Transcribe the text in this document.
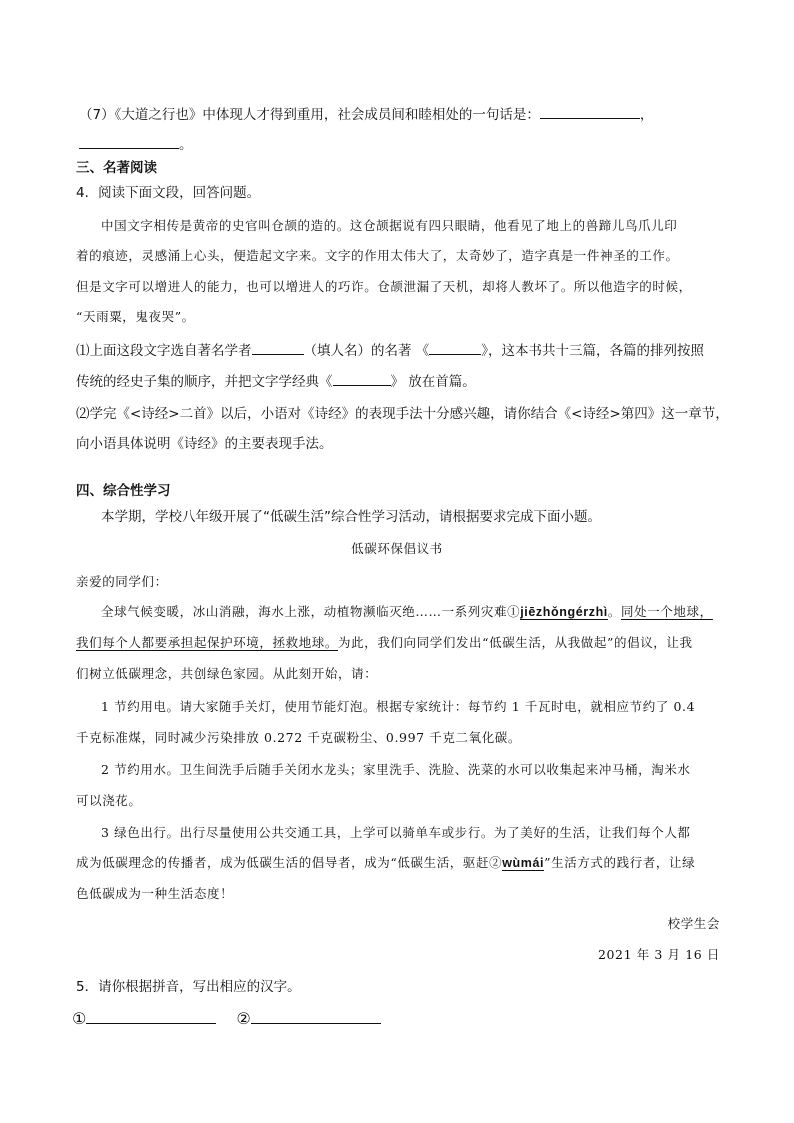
（7）《大道之行也》中体现人才得到重用，社会成员间和睦相处的一句话是：	，
。
三、名著阅读
4．阅读下面文段，回答问题。
中国文字相传是黄帝的史官叫仓颉的造的。这仓颉据说有四只眼睛，他看见了地上的兽蹄儿鸟爪儿印
着的痕迹，灵感涌上心头，便造起文字来。文字的作用太伟大了，太奇妙了，造字真是一件神圣的工作。
但是文字可以增进人的能力，也可以增进人的巧诈。仓颉泄漏了天机，却将人教坏了。所以他造字的时候，
“天雨粟，鬼夜哭”。
⑴上面这段文字选自著名学者	（填人名）的名著 《	》，这本书共十三篇，各篇的排列按照
传统的经史子集的顺序，并把文字学经典《	》 放在首篇。
⑵学完《<诗经>二首》以后，小语对《诗经》的表现手法十分感兴趣，请你结合《<诗经>第四》这一章节，
向小语具体说明《诗经》的主要表现手法。
四、综合性学习
本学期，学校八年级开展了“低碳生活”综合性学习活动，请根据要求完成下面小题。
低碳环保倡议书
亲爱的同学们：
全球气候变暖，冰山消融，海水上涨，动植物濒临灭绝……一系列灾难①jiēzhǒngérzhì。同处一个地球，
我们每个人都要承担起保护环境，拯救地球。为此，我们向同学们发出“低碳生活，从我做起”的倡议，让我
们树立低碳理念，共创绿色家园。从此刻开始，请：
1 节约用电。请大家随手关灯，使用节能灯泡。根据专家统计：每节约 1 千瓦时电，就相应节约了 0.4
千克标准煤，同时减少污染排放 0.272 千克碳粉尘、0.997 千克二氧化碳。
2 节约用水。卫生间洗手后随手关闭水龙头；家里洗手、洗脸、洗菜的水可以收集起来冲马桶，淘米水
可以浇花。
3 绿色出行。出行尽量使用公共交通工具，上学可以骑单车或步行。为了美好的生活，让我们每个人都
成为低碳理念的传播者，成为低碳生活的倡导者，成为“低碳生活，驱赶②wùmái”生活方式的践行者，让绿
色低碳成为一种生活态度！
校学生会
2021 年 3 月 16 日
5．请你根据拼音，写出相应的汉字。
①	②
